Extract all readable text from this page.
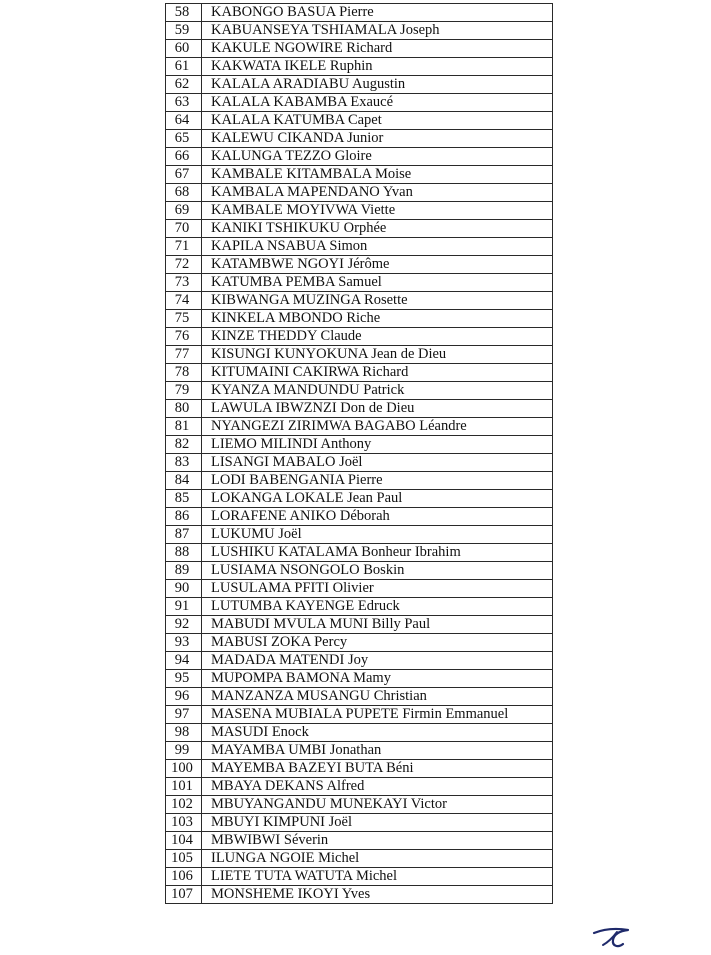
58	KABONGO BASUA Pierre
59	KABUANSEYA TSHIAMALA Joseph
60	KAKULE NGOWIRE Richard
61	KAKWATA IKELE Ruphin
62	KALALA ARADIABU Augustin
63	KALALA KABAMBA Exaucé
64	KALALA KATUMBA Capet
65	KALEWU CIKANDA Junior
66	KALUNGA TEZZO Gloire
67	KAMBALE KITAMBALA Moise
68	KAMBALA MAPENDANO Yvan
69	KAMBALE MOYIVWA Viette
70	KANIKI TSHIKUKU Orphée
71	KAPILA NSABUA Simon
72	KATAMBWE NGOYI Jérôme
73	KATUMBA PEMBA Samuel
74	KIBWANGA MUZINGA Rosette
75	KINKELA MBONDO Riche
76	KINZE THEDDY Claude
77	KISUNGI KUNYOKUNA Jean de Dieu
78	KITUMAINI CAKIRWA Richard
79	KYANZA MANDUNDU Patrick
80	LAWULA IBWZNZI Don de Dieu
81	NYANGEZI ZIRIMWA BAGABO Léandre
82	LIEMO MILINDI Anthony
83	LISANGI MABALO Joël
84	LODI BABENGANIA Pierre
85	LOKANGA LOKALE Jean Paul
86	LORAFENE ANIKO Déborah
87	LUKUMU Joël
88	LUSHIKU KATALAMA Bonheur Ibrahim
89	LUSIAMA NSONGOLO Boskin
90	LUSULAMA PFITI Olivier
91	LUTUMBA KAYENGE Edruck
92	MABUDI MVULA MUNI Billy Paul
93	MABUSI ZOKA Percy
94	MADADA MATENDI Joy
95	MUPOMPA BAMONA Mamy
96	MANZANZA MUSANGU Christian
97	MASENA MUBIALA PUPETE Firmin Emmanuel
98	MASUDI Enock
99	MAYAMBA UMBI Jonathan
100	MAYEMBA BAZEYI BUTA Béni
101	MBAYA DEKANS Alfred
102	MBUYANGANDU MUNEKAYI Victor
103	MBUYI KIMPUNI Joël
104	MBWIBWI Séverin
105	ILUNGA NGOIE Michel
106	LIETE TUTA WATUTA Michel
107	MONSHEME IKOYI Yves
